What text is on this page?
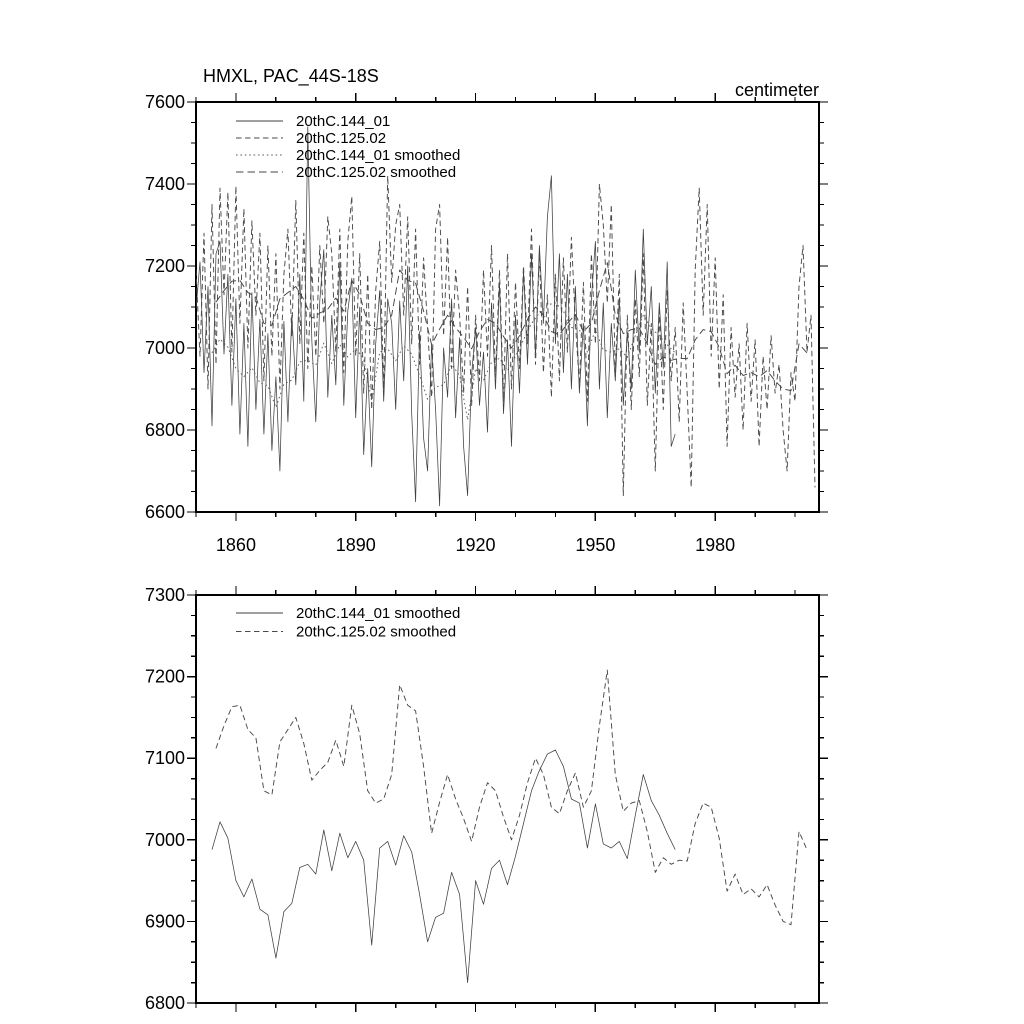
6600
6800
7000
7200
7400
7600
1860	1890	1920	1950	1980
HMXL, PAC_44S-18S
centimeter
20thC.144_01
20thC.125.02
20thC.144_01 smoothed
20thC.125.02 smoothed
6800
6900
7000
7100
7200
7300
20thC.144_01 smoothed
20thC.125.02 smoothed
